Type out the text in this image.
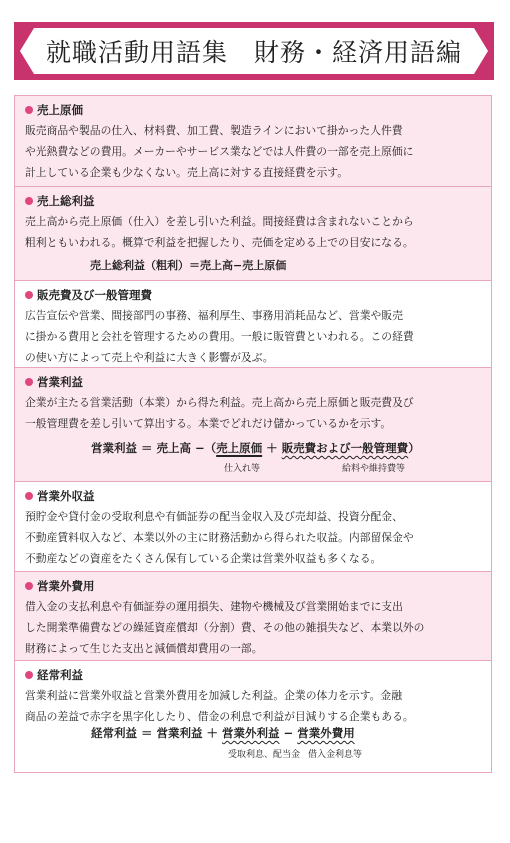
就職活動用語集　財務・経済用語編
売上原価
販売商品や製品の仕入、材料費、加工費、製造ラインにおいて掛かった人件費
や光熱費などの費用。メーカーやサービス業などでは人件費の一部を売上原価に
計上している企業も少なくない。売上高に対する直接経費を示す。
売上総利益
売上高から売上原価（仕入）を差し引いた利益。間接経費は含まれないことから
粗利ともいわれる。概算で利益を把握したり、売価を定める上での目安になる。
売上総利益（粗利）＝売上高−売上原価
販売費及び一般管理費
広告宣伝や営業、間接部門の事務、福利厚生、事務用消耗品など、営業や販売
に掛かる費用と会社を管理するための費用。一般に販管費といわれる。この経費
の使い方によって売上や利益に大きく影響が及ぶ。
営業利益
企業が主たる営業活動（本業）から得た利益。売上高から売上原価と販売費及び
一般管理費を差し引いて算出する。本業でどれだけ儲かっているかを示す。
営業利益 ＝ 売上高 −（売上原価 ＋ 販売費および一般管理費）
仕入れ等	給料や維持費等
営業外収益
預貯金や貸付金の受取利息や有価証券の配当金収入及び売却益、投資分配金、
不動産賃料収入など、本業以外の主に財務活動から得られた収益。内部留保金や
不動産などの資産をたくさん保有している企業は営業外収益も多くなる。
営業外費用
借入金の支払利息や有価証券の運用損失、建物や機械及び営業開始までに支出
した開業準備費などの繰延資産償却（分割）費、その他の雑損失など、本業以外の
財務によって生じた支出と減価償却費用の一部。
経常利益
営業利益に営業外収益と営業外費用を加減した利益。企業の体力を示す。金融
商品の差益で赤字を黒字化したり、借金の利息で利益が目減りする企業もある。
経常利益 ＝ 営業利益 ＋ 営業外利益 − 営業外費用
受取利息、配当金 借入金利息等
